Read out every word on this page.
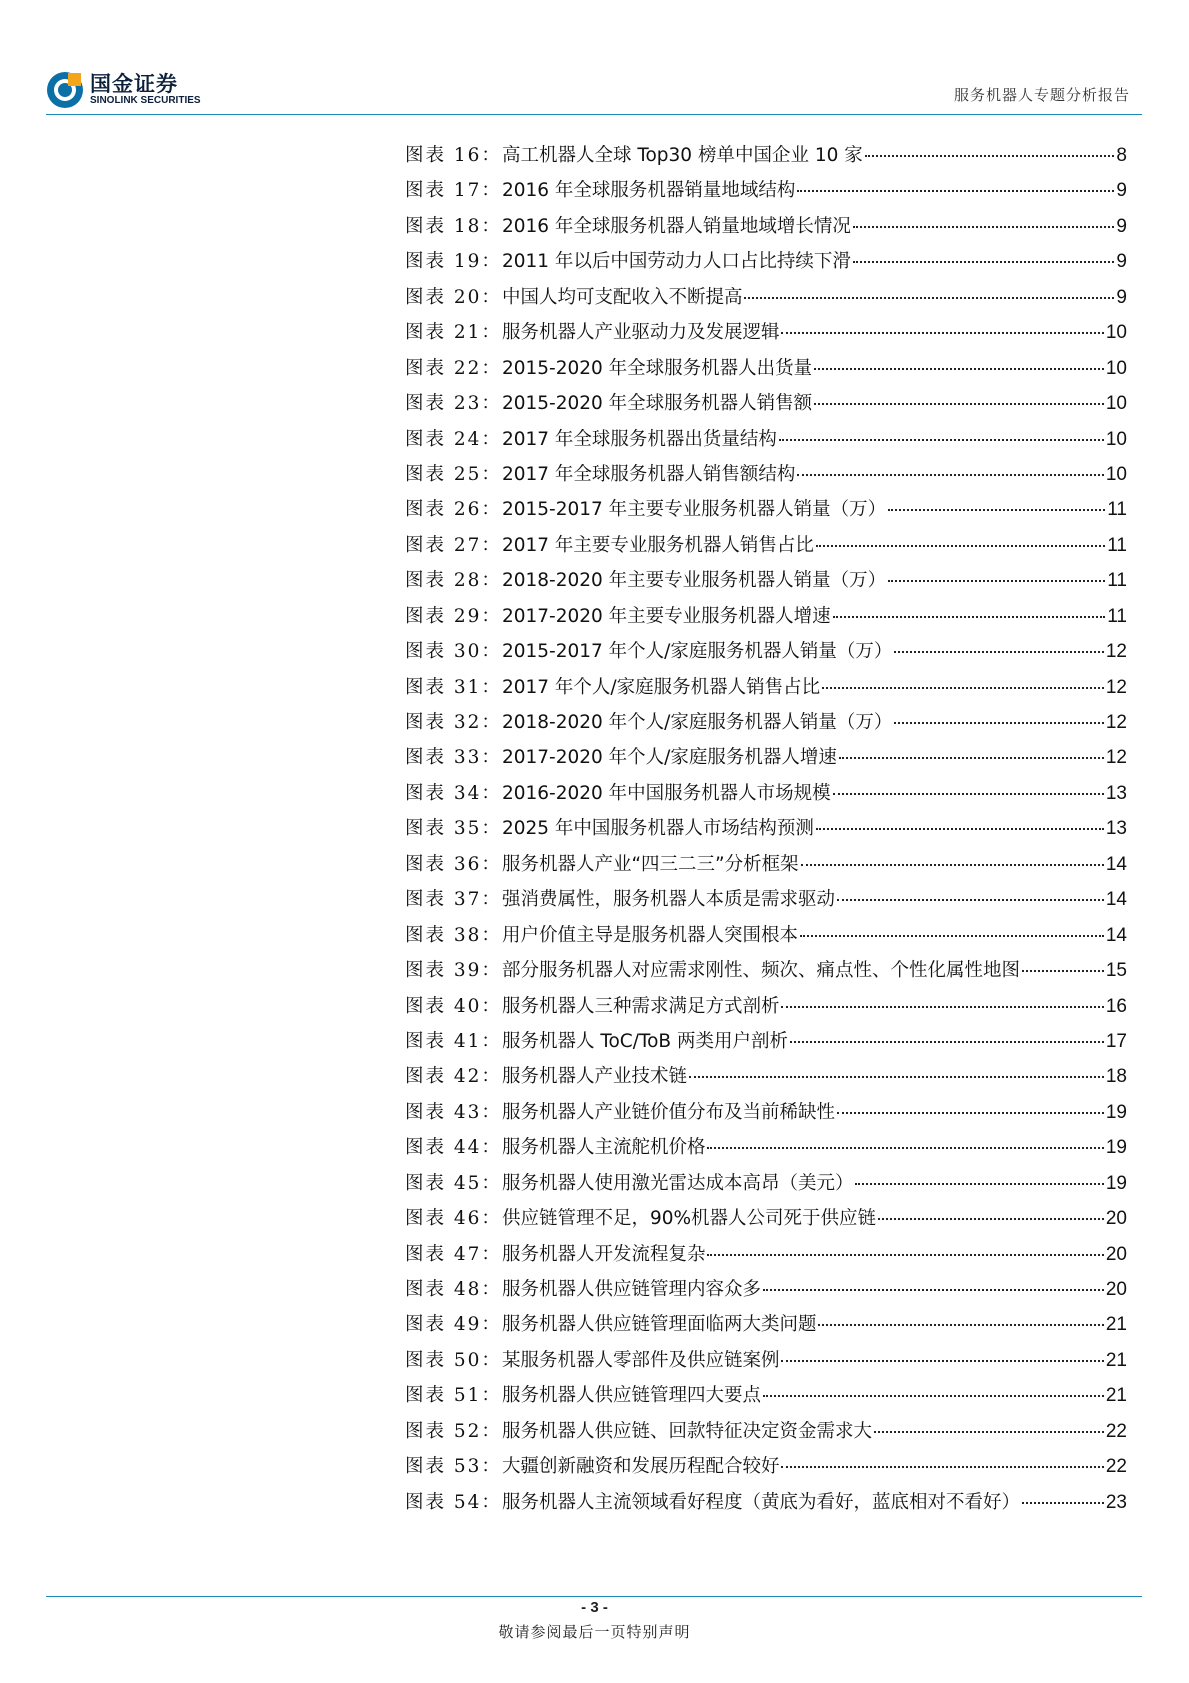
国金证券
SINOLINK SECURITIES	服务机器人专题分析报告
图表 16 ： 高工机器人全球 Top30 榜单中国企业 10 家	8
图表 17 ： 2016 年全球服务机器销量地域结构	9
图表 18 ： 2016 年全球服务机器人销量地域增长情况	9
图表 19 ： 2011 年以后中国劳动力人口占比持续下滑	9
图表 20 ： 中国人均可支配收入不断提高	9
图表 21 ： 服务机器人产业驱动力及发展逻辑	10
图表 22 ： 2015-2020 年全球服务机器人出货量	10
图表 23 ： 2015-2020 年全球服务机器人销售额	10
图表 24 ： 2017 年全球服务机器出货量结构	10
图表 25 ： 2017 年全球服务机器人销售额结构	10
图表 26 ： 2015-2017 年主要专业服务机器人销量（万）	11
图表 27 ： 2017 年主要专业服务机器人销售占比	11
图表 28 ： 2018-2020 年主要专业服务机器人销量（万）	11
图表 29 ： 2017-2020 年主要专业服务机器人增速	11
图表 30 ： 2015-2017 年个人/家庭服务机器人销量（万）	12
图表 31 ： 2017 年个人/家庭服务机器人销售占比	12
图表 32 ： 2018-2020 年个人/家庭服务机器人销量（万）	12
图表 33 ： 2017-2020 年个人/家庭服务机器人增速	12
图表 34 ： 2016-2020 年中国服务机器人市场规模	13
图表 35 ： 2025 年中国服务机器人市场结构预测	13
图表 36 ： 服务机器人产业“四三二三”分析框架	14
图表 37 ： 强消费属性，服务机器人本质是需求驱动	14
图表 38 ： 用户价值主导是服务机器人突围根本	14
图表 39 ： 部分服务机器人对应需求刚性、频次、痛点性、个性化属性地图	15
图表 40 ： 服务机器人三种需求满足方式剖析	16
图表 41 ： 服务机器人 ToC/ToB 两类用户剖析	17
图表 42 ： 服务机器人产业技术链	18
图表 43 ： 服务机器人产业链价值分布及当前稀缺性	19
图表 44 ： 服务机器人主流舵机价格	19
图表 45 ： 服务机器人使用激光雷达成本高昂（美元）	19
图表 46 ： 供应链管理不足，90%机器人公司死于供应链	20
图表 47 ： 服务机器人开发流程复杂	20
图表 48 ： 服务机器人供应链管理内容众多	20
图表 49 ： 服务机器人供应链管理面临两大类问题	21
图表 50 ： 某服务机器人零部件及供应链案例	21
图表 51 ： 服务机器人供应链管理四大要点	21
图表 52 ： 服务机器人供应链、回款特征决定资金需求大	22
图表 53 ： 大疆创新融资和发展历程配合较好	22
图表 54 ： 服务机器人主流领域看好程度（黄底为看好，蓝底相对不看好）	23
- 3 -
敬请参阅最后一页特别声明
